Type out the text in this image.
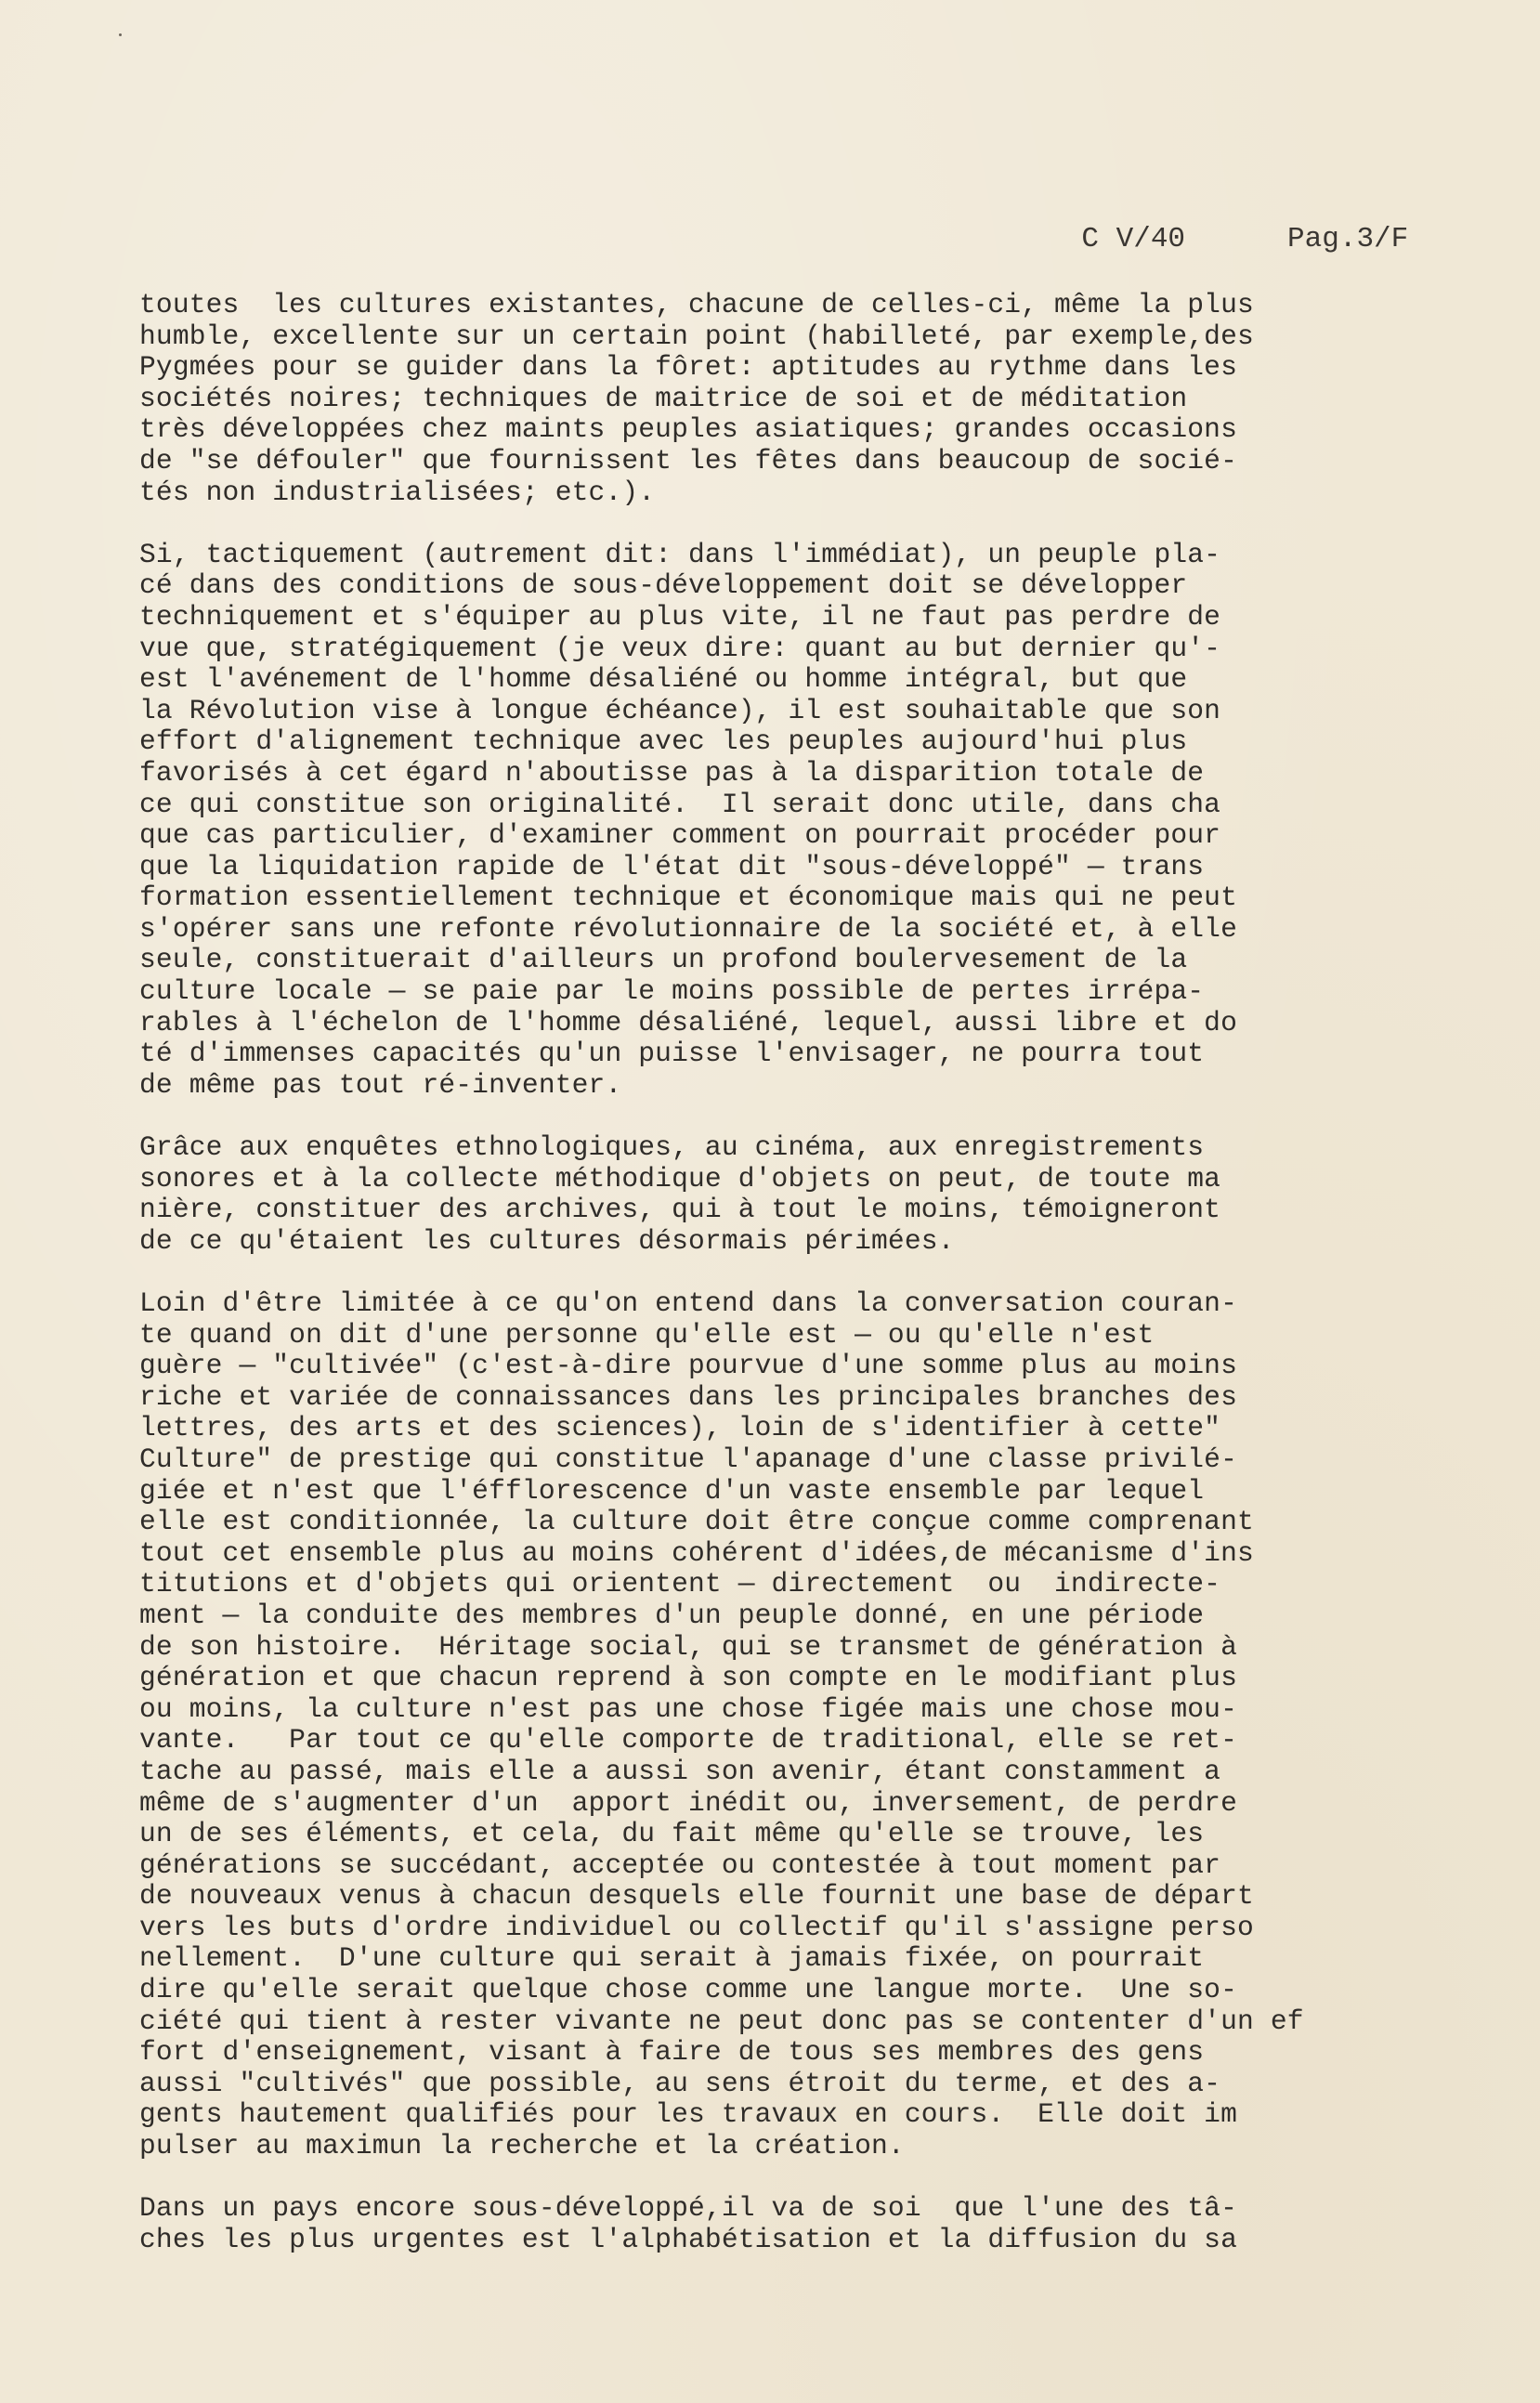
C V/40	Pag.3/F

toutes  les cultures existantes, chacune de celles-ci, même la plus
humble, excellente sur un certain point (habilleté, par exemple,des
Pygmées pour se guider dans la fôret: aptitudes au rythme dans les
sociétés noires; techniques de maitrice de soi et de méditation
très développées chez maints peuples asiatiques; grandes occasions
de "se défouler" que fournissent les fêtes dans beaucoup de socié-
tés non industrialisées; etc.).
Si, tactiquement (autrement dit: dans l'immédiat), un peuple pla-
cé dans des conditions de sous-développement doit se développer
techniquement et s'équiper au plus vite, il ne faut pas perdre de
vue que, stratégiquement (je veux dire: quant au but dernier qu'-
est l'avénement de l'homme désaliéné ou homme intégral, but que
la Révolution vise à longue échéance), il est souhaitable que son
effort d'alignement technique avec les peuples aujourd'hui plus
favorisés à cet égard n'aboutisse pas à la disparition totale de
ce qui constitue son originalité.  Il serait donc utile, dans cha
que cas particulier, d'examiner comment on pourrait procéder pour
que la liquidation rapide de l'état dit "sous-développé" — trans
formation essentiellement technique et économique mais qui ne peut
s'opérer sans une refonte révolutionnaire de la société et, à elle
seule, constituerait d'ailleurs un profond boulervesement de la
culture locale — se paie par le moins possible de pertes irrépa-
rables à l'échelon de l'homme désaliéné, lequel, aussi libre et do
té d'immenses capacités qu'un puisse l'envisager, ne pourra tout
de même pas tout ré-inventer.
Grâce aux enquêtes ethnologiques, au cinéma, aux enregistrements
sonores et à la collecte méthodique d'objets on peut, de toute ma
nière, constituer des archives, qui à tout le moins, témoigneront
de ce qu'étaient les cultures désormais périmées.
Loin d'être limitée à ce qu'on entend dans la conversation couran-
te quand on dit d'une personne qu'elle est — ou qu'elle n'est
guère — "cultivée" (c'est-à-dire pourvue d'une somme plus au moins
riche et variée de connaissances dans les principales branches des
lettres, des arts et des sciences), loin de s'identifier à cette"
Culture" de prestige qui constitue l'apanage d'une classe privilé-
giée et n'est que l'éfflorescence d'un vaste ensemble par lequel
elle est conditionnée, la culture doit être conçue comme comprenant
tout cet ensemble plus au moins cohérent d'idées,de mécanisme d'ins
titutions et d'objets qui orientent — directement  ou  indirecte-
ment — la conduite des membres d'un peuple donné, en une période
de son histoire.  Héritage social, qui se transmet de génération à
génération et que chacun reprend à son compte en le modifiant plus
ou moins, la culture n'est pas une chose figée mais une chose mou-
vante.   Par tout ce qu'elle comporte de traditional, elle se ret-
tache au passé, mais elle a aussi son avenir, étant constamment a
même de s'augmenter d'un  apport inédit ou, inversement, de perdre
un de ses éléments, et cela, du fait même qu'elle se trouve, les
générations se succédant, acceptée ou contestée à tout moment par
de nouveaux venus à chacun desquels elle fournit une base de départ
vers les buts d'ordre individuel ou collectif qu'il s'assigne perso
nellement.  D'une culture qui serait à jamais fixée, on pourrait
dire qu'elle serait quelque chose comme une langue morte.  Une so-
ciété qui tient à rester vivante ne peut donc pas se contenter d'un ef
fort d'enseignement, visant à faire de tous ses membres des gens
aussi "cultivés" que possible, au sens étroit du terme, et des a-
gents hautement qualifiés pour les travaux en cours.  Elle doit im
pulser au maximun la recherche et la création.
Dans un pays encore sous-développé,il va de soi  que l'une des tâ-
ches les plus urgentes est l'alphabétisation et la diffusion du sa
